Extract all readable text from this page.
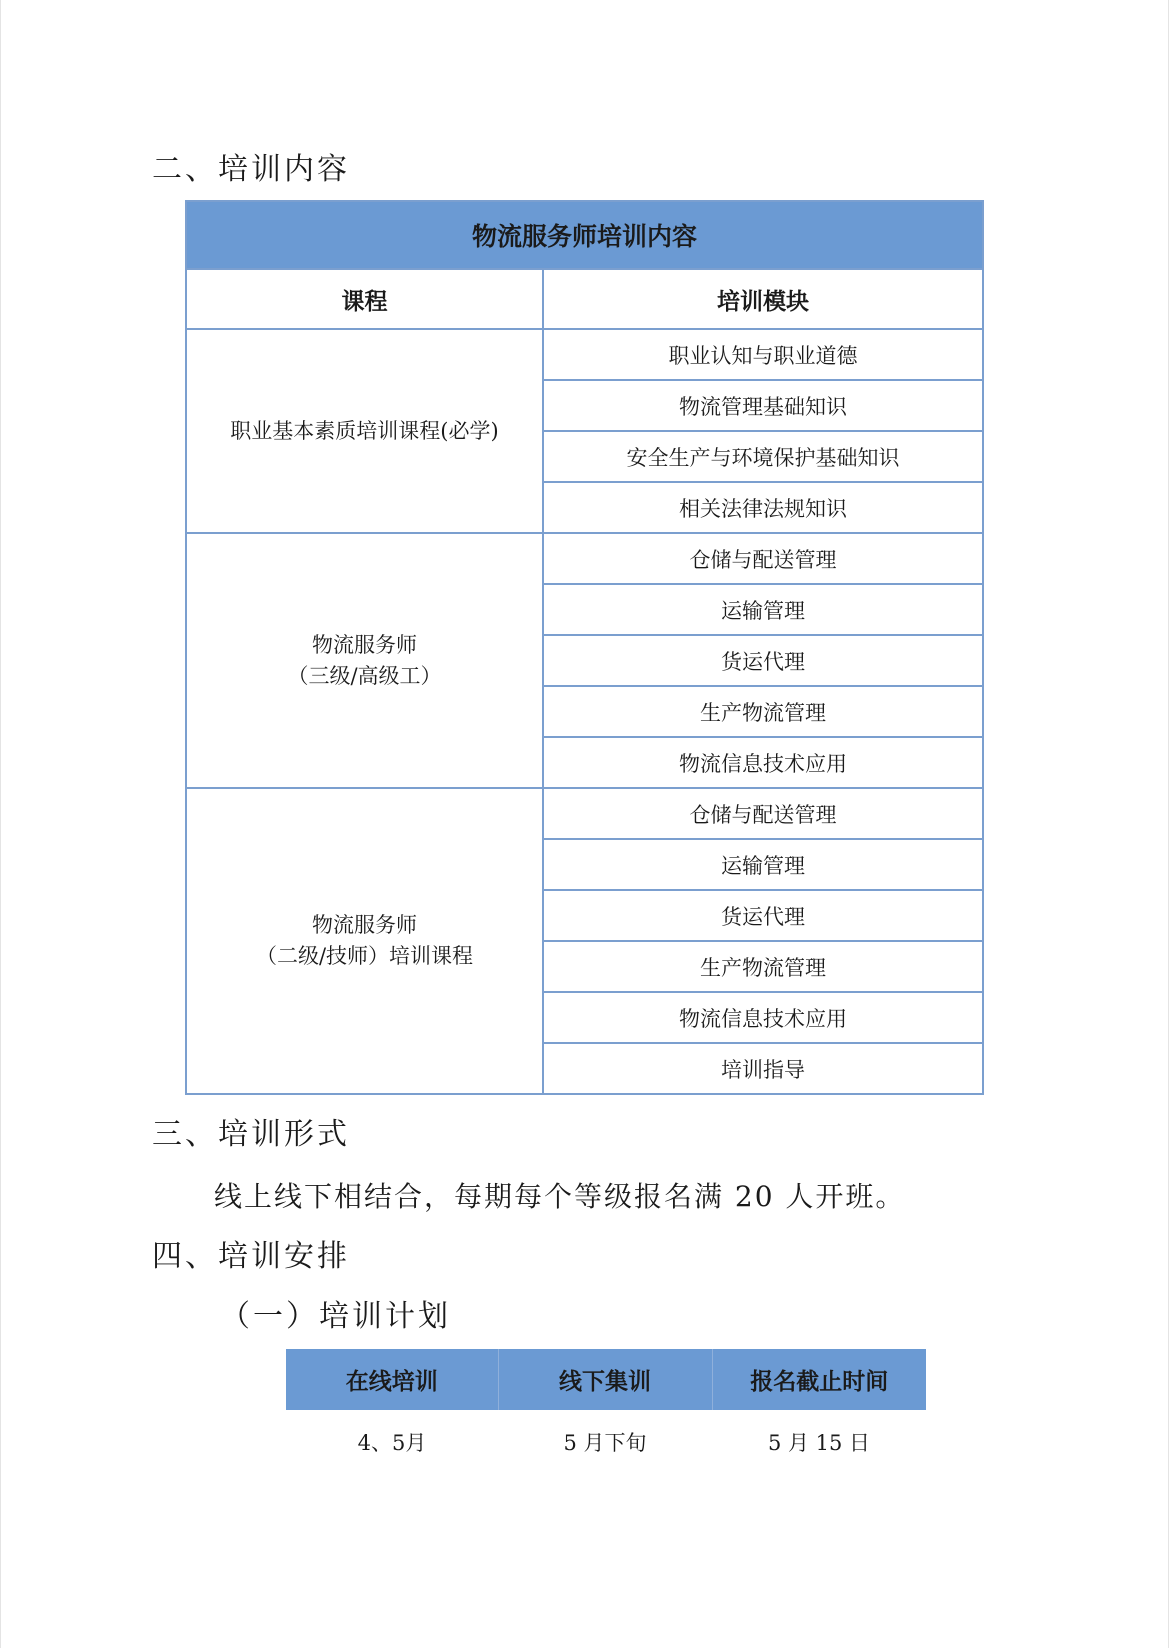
二、培训内容
物流服务师培训内容	
课程	培训模块

职业基本素质培训课程(必学)	职业认知与职业道德
	物流管理基础知识
	安全生产与环境保护基础知识
	相关法律法规知识

物流服务师
（三级/高级工）	仓储与配送管理
	运输管理
	货运代理
	生产物流管理
	物流信息技术应用

物流服务师
（二级/技师）培训课程	仓储与配送管理
	运输管理
	货运代理
	生产物流管理
	物流信息技术应用
	培训指导
三、培训形式
线上线下相结合，每期每个等级报名满 20 人开班。
四、培训安排
（一）培训计划
在线培训	线下集训	报名截止时间
4、5月	5 月下旬	5 月 15 日
